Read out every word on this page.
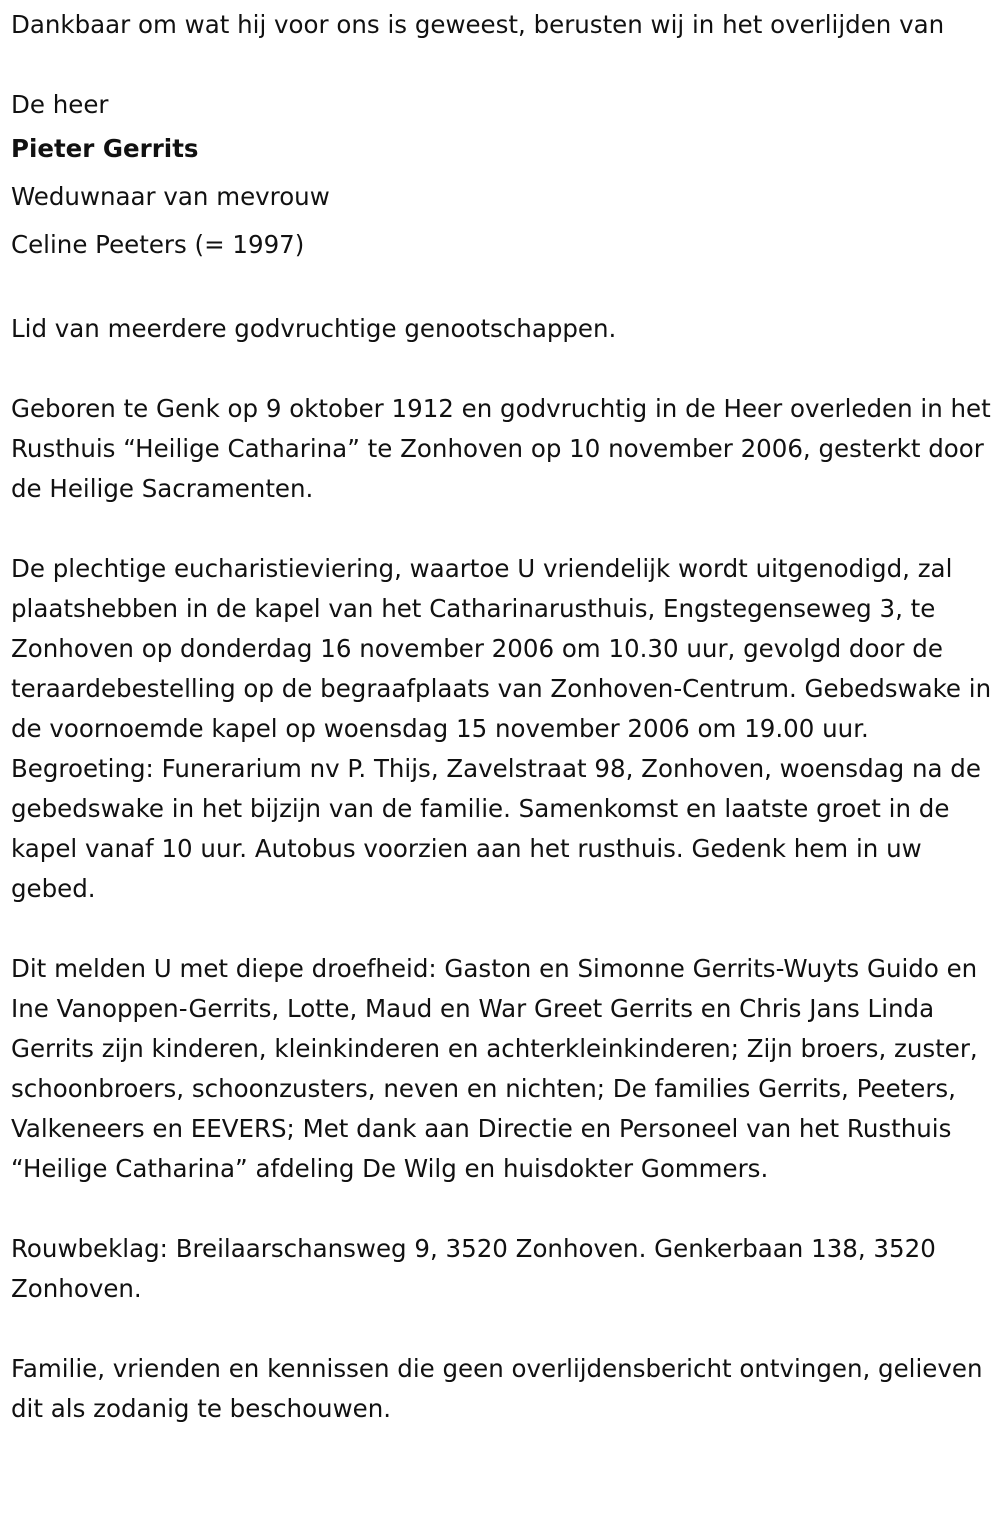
Dankbaar om wat hij voor ons is geweest, berusten wij in het overlijden van

De heer

Pieter Gerrits

Weduwnaar van mevrouw

Celine Peeters (= 1997)

Lid van meerdere godvruchtige genootschappen.

Geboren te Genk op 9 oktober 1912 en godvruchtig in de Heer overleden in het Rusthuis “Heilige Catharina” te Zonhoven op 10 november 2006, gesterkt door de Heilige Sacramenten.

De plechtige eucharistieviering, waartoe U vriendelijk wordt uitgenodigd, zal plaatshebben in de kapel van het Catharinarusthuis, Engstegenseweg 3, te Zonhoven op donderdag 16 november 2006 om 10.30 uur, gevolgd door de teraardebestelling op de begraafplaats van Zonhoven-Centrum. Gebedswake in de voornoemde kapel op woensdag 15 november 2006 om 19.00 uur. Begroeting: Funerarium nv P. Thijs, Zavelstraat 98, Zonhoven, woensdag na de gebedswake in het bijzijn van de familie. Samenkomst en laatste groet in de kapel vanaf 10 uur. Autobus voorzien aan het rusthuis. Gedenk hem in uw gebed.

Dit melden U met diepe droefheid: Gaston en Simonne Gerrits-Wuyts Guido en Ine Vanoppen-Gerrits, Lotte, Maud en War Greet Gerrits en Chris Jans Linda Gerrits zijn kinderen, kleinkinderen en achterkleinkinderen; Zijn broers, zuster, schoonbroers, schoonzusters, neven en nichten; De families Gerrits, Peeters, Valkeneers en EEVERS; Met dank aan Directie en Personeel van het Rusthuis “Heilige Catharina” afdeling De Wilg en huisdokter Gommers.

Rouwbeklag: Breilaarschansweg 9, 3520 Zonhoven. Genkerbaan 138, 3520 Zonhoven.

Familie, vrienden en kennissen die geen overlijdensbericht ontvingen, gelieven dit als zodanig te beschouwen.
